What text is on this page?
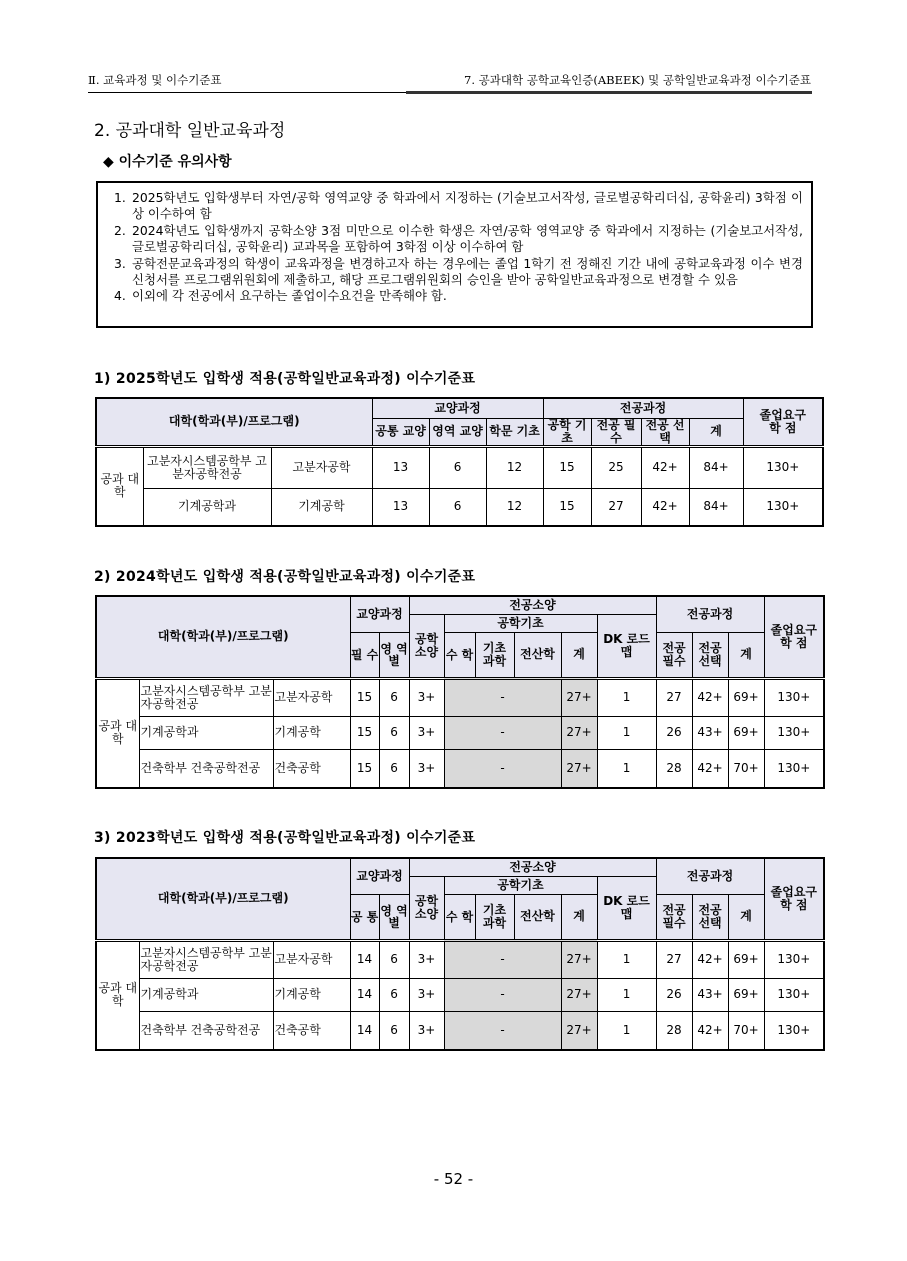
Ⅱ. 교육과정 및 이수기준표	7. 공과대학 공학교육인증(ABEEK) 및 공학일반교육과정 이수기준표
2. 공과대학 일반교육과정
◆ 이수기준 유의사항
1. 2025학년도 입학생부터 자연/공학 영역교양 중 학과에서 지정하는 (기술보고서작성, 글로벌공학리더십, 공학윤리) 3학점 이상 이수하여 함
2. 2024학년도 입학생까지 공학소양 3점 미만으로 이수한 학생은 자연/공학 영역교양 중 학과에서 지정하는 (기술보고서작성, 글로벌공학리더십, 공학윤리) 교과목을 포함하여 3학점 이상 이수하여 함
3. 공학전문교육과정의 학생이 교육과정을 변경하고자 하는 경우에는 졸업 1학기 전 정해진 기간 내에 공학교육과정 이수 변경 신청서를 프로그램위원회에 제출하고, 해당 프로그램위원회의 승인을 받아 공학일반교육과정으로 변경할 수 있음
4. 이외에 각 전공에서 요구하는 졸업이수요건을 만족해야 함.
1) 2025학년도 입학생 적용(공학일반교육과정) 이수기준표
대학(학과(부)/프로그램)			교양과정			전공과정				졸업요구
학 점

			공통 교양	영역 교양	학문 기초	공학 기초	전공 필수	전공 선택	계	
공과 대학	고분자시스템공학부 고분자공학전공	고분자공학	13	6	12	15	25	42+	84+	130+
	기계공학과	기계공학	13	6	12	15	27	42+	84+	130+
2) 2024학년도 입학생 적용(공학일반교육과정) 이수기준표
대학(학과(부)/프로그램)			교양과정		전공소양						전공과정			졸업요구
학 점

					공학 소양	공학기초				DK 로드맵				
			필 수	영 역 별		수 학	기초 과학	전산학	계		전공 필수	전공 선택	계	
공과 대학	고분자시스템공학부 고분자공학전공	고분자공학	15	6	3+	-			27+	1	27	42+	69+	130+
	기계공학과	기계공학	15	6	3+	-			27+	1	26	43+	69+	130+
	건축학부 건축공학전공	건축공학	15	6	3+	-			27+	1	28	42+	70+	130+
3) 2023학년도 입학생 적용(공학일반교육과정) 이수기준표
대학(학과(부)/프로그램)			교양과정		전공소양						전공과정			졸업요구
학 점

					공학 소양	공학기초				DK 로드맵				
			공 통	영 역 별		수 학	기초 과학	전산학	계		전공 필수	전공 선택	계	
공과 대학	고분자시스템공학부 고분자공학전공	고분자공학	14	6	3+	-			27+	1	27	42+	69+	130+
	기계공학과	기계공학	14	6	3+	-			27+	1	26	43+	69+	130+
	건축학부 건축공학전공	건축공학	14	6	3+	-			27+	1	28	42+	70+	130+
- 52 -
